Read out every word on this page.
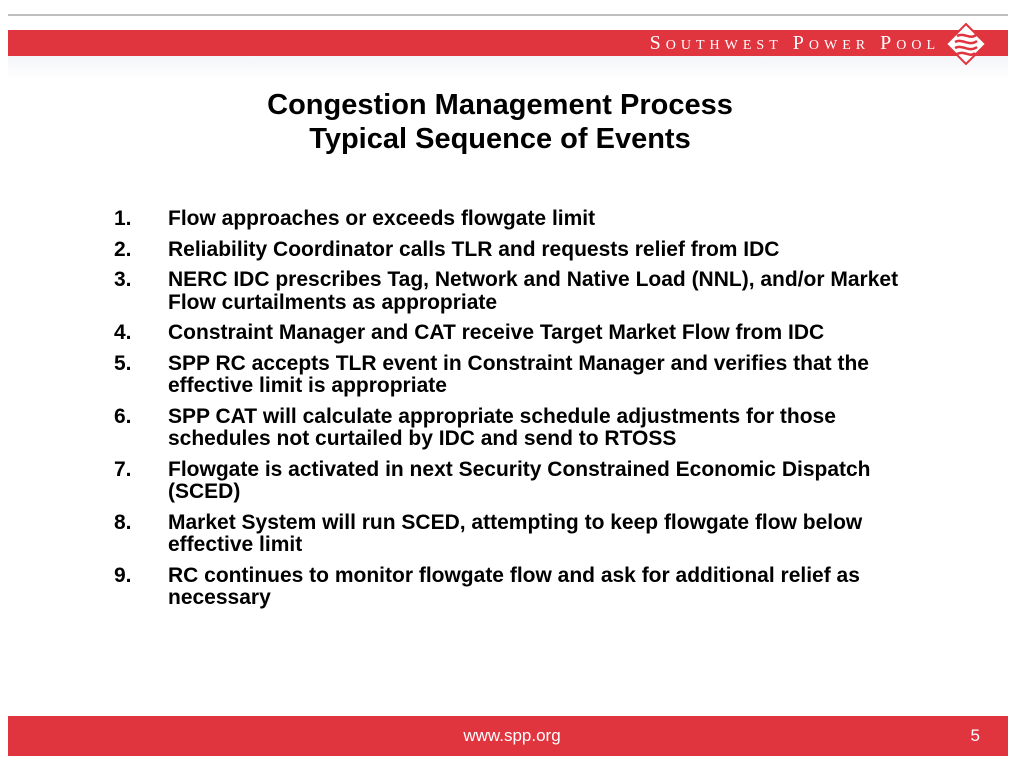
Southwest Power Pool
Congestion Management Process
Typical Sequence of Events
1. Flow approaches or exceeds flowgate limit
2. Reliability Coordinator calls TLR and requests relief from IDC
3. NERC IDC prescribes Tag, Network and Native Load (NNL), and/or Market Flow curtailments as appropriate
4. Constraint Manager and CAT receive Target Market Flow from IDC
5. SPP RC accepts TLR event in Constraint Manager and verifies that the effective limit is appropriate
6. SPP CAT will calculate appropriate schedule adjustments for those schedules not curtailed by IDC and send to RTOSS
7. Flowgate is activated in next Security Constrained Economic Dispatch (SCED)
8. Market System will run SCED, attempting to keep flowgate flow below effective limit
9. RC continues to monitor flowgate flow and ask for additional relief as necessary
www.spp.org	5
